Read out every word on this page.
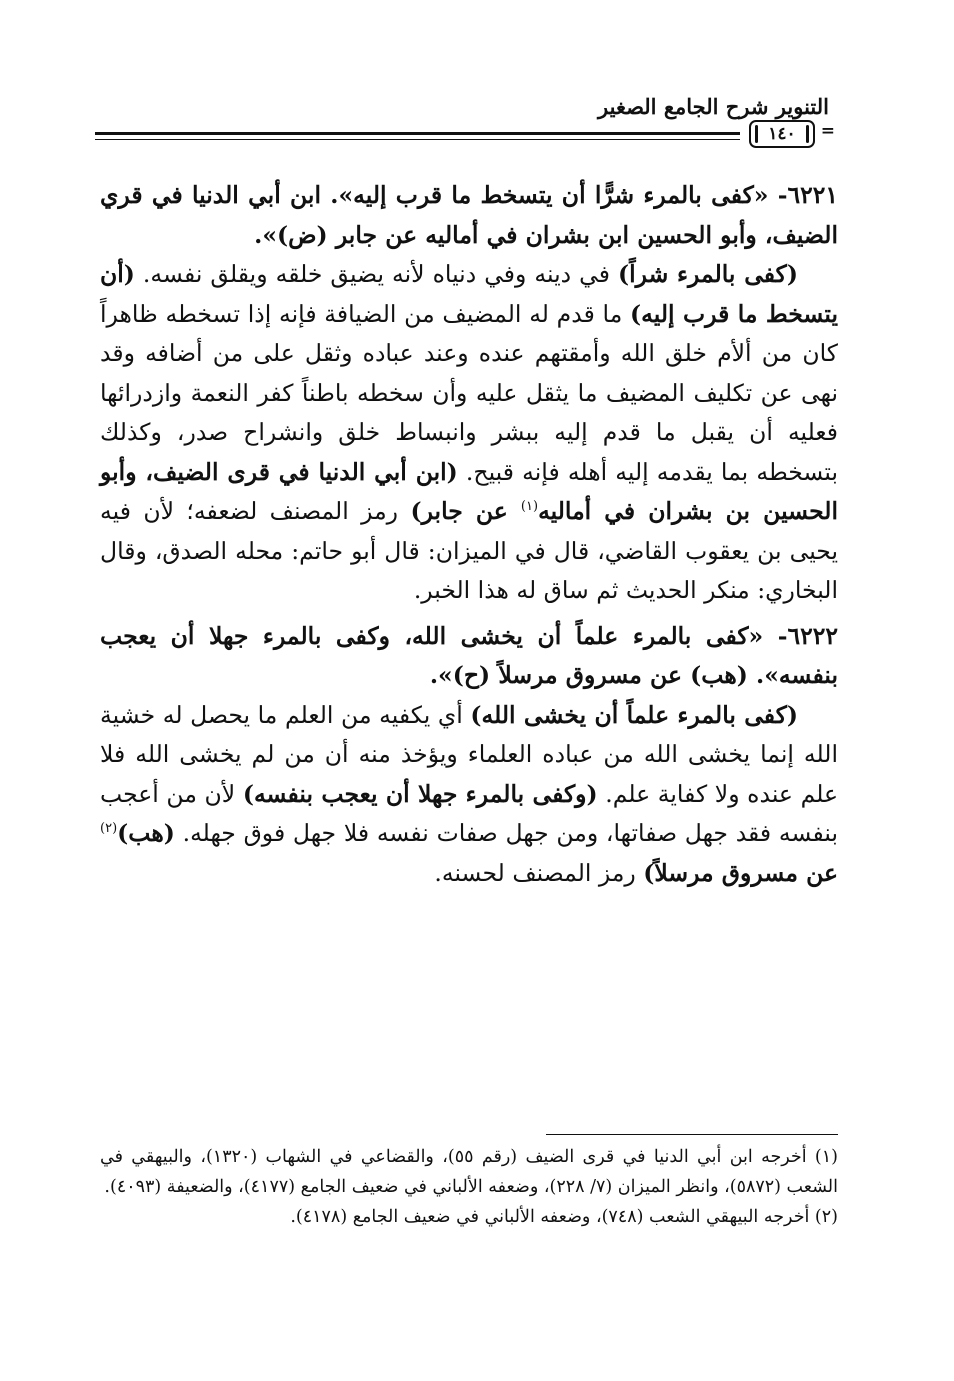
التنوير شرح الجامع الصغير
١٤٠	=

٦٢٢١- «كفى بالمرء شرًّا أن يتسخط ما قرب إليه». ابن أبي الدنيا في قري الضيف، وأبو الحسين ابن بشران في أماليه عن جابر (ض)».

(كفى بالمرء شراً) في دينه وفي دنياه لأنه يضيق خلقه ويقلق نفسه. (أن يتسخط ما قرب إليه) ما قدم له المضيف من الضيافة فإنه إذا تسخطه ظاهراً كان من ألأم خلق الله وأمقتهم عنده وعند عباده وثقل على من أضافه وقد نهى عن تكليف المضيف ما يثقل عليه وأن سخطه باطناً كفر النعمة وازدرائها فعليه أن يقبل ما قدم إليه ببشر وانبساط خلق وانشراح صدر، وكذلك بتسخطه بما يقدمه إليه أهله فإنه قبيح. (ابن أبي الدنيا في قرى الضيف، وأبو الحسين بن بشران في أماليه$^{(١)}$ عن جابر) رمز المصنف لضعفه؛ لأن فيه يحيى بن يعقوب القاضي، قال في الميزان: قال أبو حاتم: محله الصدق، وقال البخاري: منكر الحديث ثم ساق له هذا الخبر.

٦٢٢٢- «كفى بالمرء علماً أن يخشى الله، وكفى بالمرء جهلا أن يعجب بنفسه». (هب) عن مسروق مرسلاً (ح)».

(كفى بالمرء علماً أن يخشى الله) أي يكفيه من العلم ما يحصل له خشية الله إنما يخشى الله من عباده العلماء ويؤخذ منه أن من لم يخشى الله فلا علم عنده ولا كفاية علم. (وكفى بالمرء جهلا أن يعجب بنفسه) لأن من أعجب بنفسه فقد جهل صفاتها، ومن جهل صفات نفسه فلا جهل فوق جهله. (هب)$^{(٢)}$ عن مسروق مرسلاً) رمز المصنف لحسنه.

(١) أخرجه ابن أبي الدنيا في قرى الضيف (رقم ٥٥)، والقضاعي في الشهاب (١٣٢٠)، والبيهقي في الشعب (٥٨٧٢)، وانظر الميزان (٧/ ٢٢٨)، وضعفه الألباني في ضعيف الجامع (٤١٧٧)، والضعيفة (٤٠٩٣).

(٢) أخرجه البيهقي الشعب (٧٤٨)، وضعفه الألباني في ضعيف الجامع (٤١٧٨).
